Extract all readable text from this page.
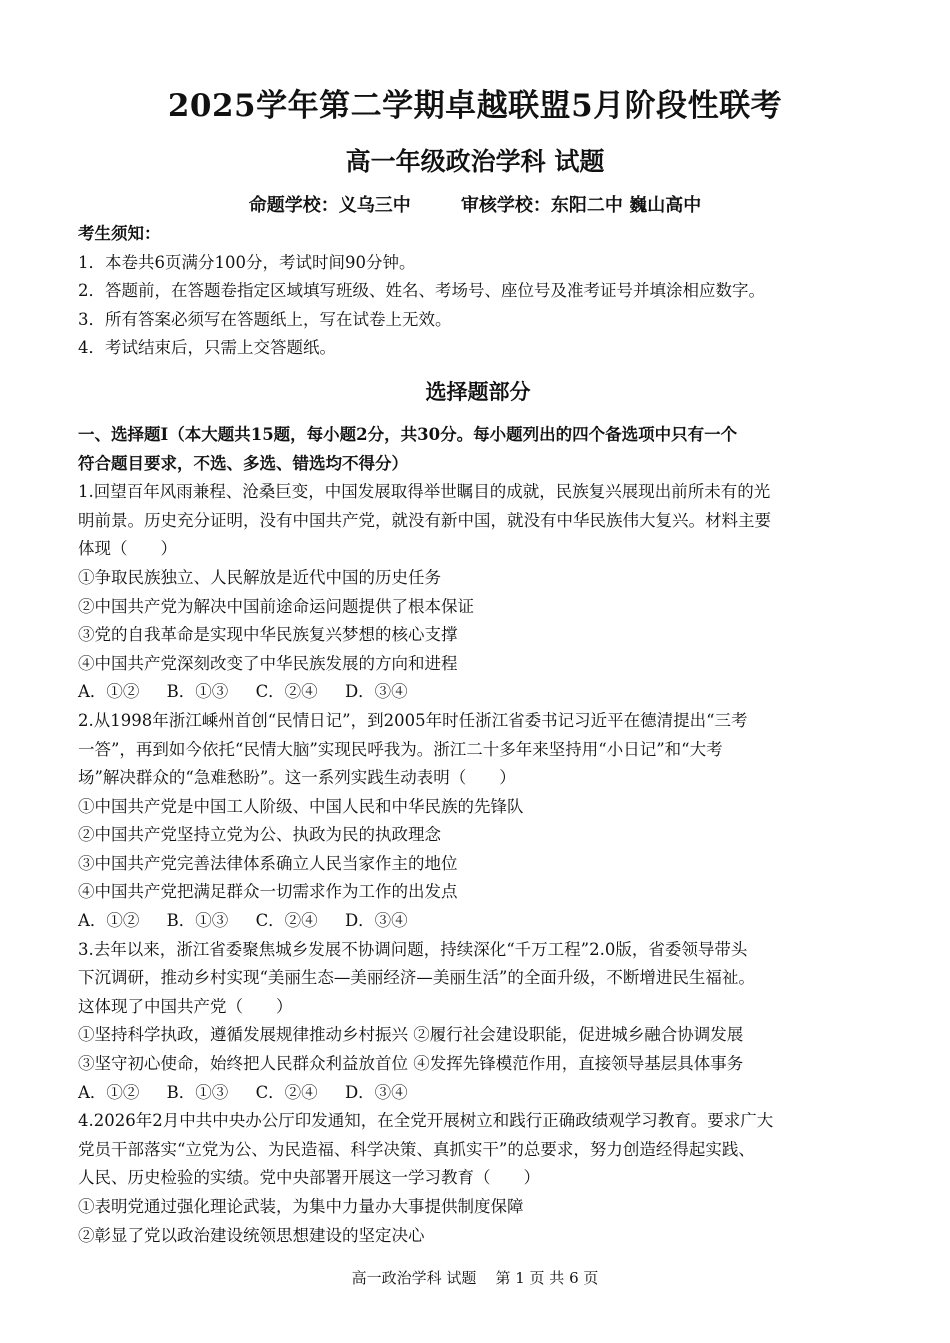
2025学年第二学期卓越联盟5月阶段性联考
高一年级政治学科 试题
命题学校：义乌三中        审核学校：东阳二中 巍山高中
考生须知：
1．本卷共6页满分100分，考试时间90分钟。
2．答题前，在答题卷指定区域填写班级、姓名、考场号、座位号及准考证号并填涂相应数字。
3．所有答案必须写在答题纸上，写在试卷上无效。
4．考试结束后，只需上交答题纸。
选择题部分
一、选择题Ⅰ（本大题共15题，每小题2分，共30分。每小题列出的四个备选项中只有一个
符合题目要求，不选、多选、错选均不得分）
1.回望百年风雨兼程、沧桑巨变，中国发展取得举世瞩目的成就，民族复兴展现出前所未有的光
明前景。历史充分证明，没有中国共产党，就没有新中国，就没有中华民族伟大复兴。材料主要
体现（　　）
①争取民族独立、人民解放是近代中国的历史任务
②中国共产党为解决中国前途命运问题提供了根本保证
③党的自我革命是实现中华民族复兴梦想的核心支撑
④中国共产党深刻改变了中华民族发展的方向和进程
A．①② B．①③ C．②④ D．③④
2.从1998年浙江嵊州首创“民情日记”，到2005年时任浙江省委书记习近平在德清提出“三考
一答”，再到如今依托“民情大脑”实现民呼我为。浙江二十多年来坚持用“小日记”和“大考
场”解决群众的“急难愁盼”。这一系列实践生动表明（　　）
①中国共产党是中国工人阶级、中国人民和中华民族的先锋队
②中国共产党坚持立党为公、执政为民的执政理念
③中国共产党完善法律体系确立人民当家作主的地位
④中国共产党把满足群众一切需求作为工作的出发点
A．①② B．①③ C．②④ D．③④
3.去年以来，浙江省委聚焦城乡发展不协调问题，持续深化“千万工程”2.0版，省委领导带头
下沉调研，推动乡村实现“美丽生态—美丽经济—美丽生活”的全面升级，不断增进民生福祉。
这体现了中国共产党（　　）
①坚持科学执政，遵循发展规律推动乡村振兴 ②履行社会建设职能，促进城乡融合协调发展
③坚守初心使命，始终把人民群众利益放首位 ④发挥先锋模范作用，直接领导基层具体事务
A．①② B．①③ C．②④ D．③④
4.2026年2月中共中央办公厅印发通知，在全党开展树立和践行正确政绩观学习教育。要求广大
党员干部落实“立党为公、为民造福、科学决策、真抓实干”的总要求，努力创造经得起实践、
人民、历史检验的实绩。党中央部署开展这一学习教育（　　）
①表明党通过强化理论武装，为集中力量办大事提供制度保障
②彰显了党以政治建设统领思想建设的坚定决心
高一政治学科 试题    第 1 页 共 6 页
